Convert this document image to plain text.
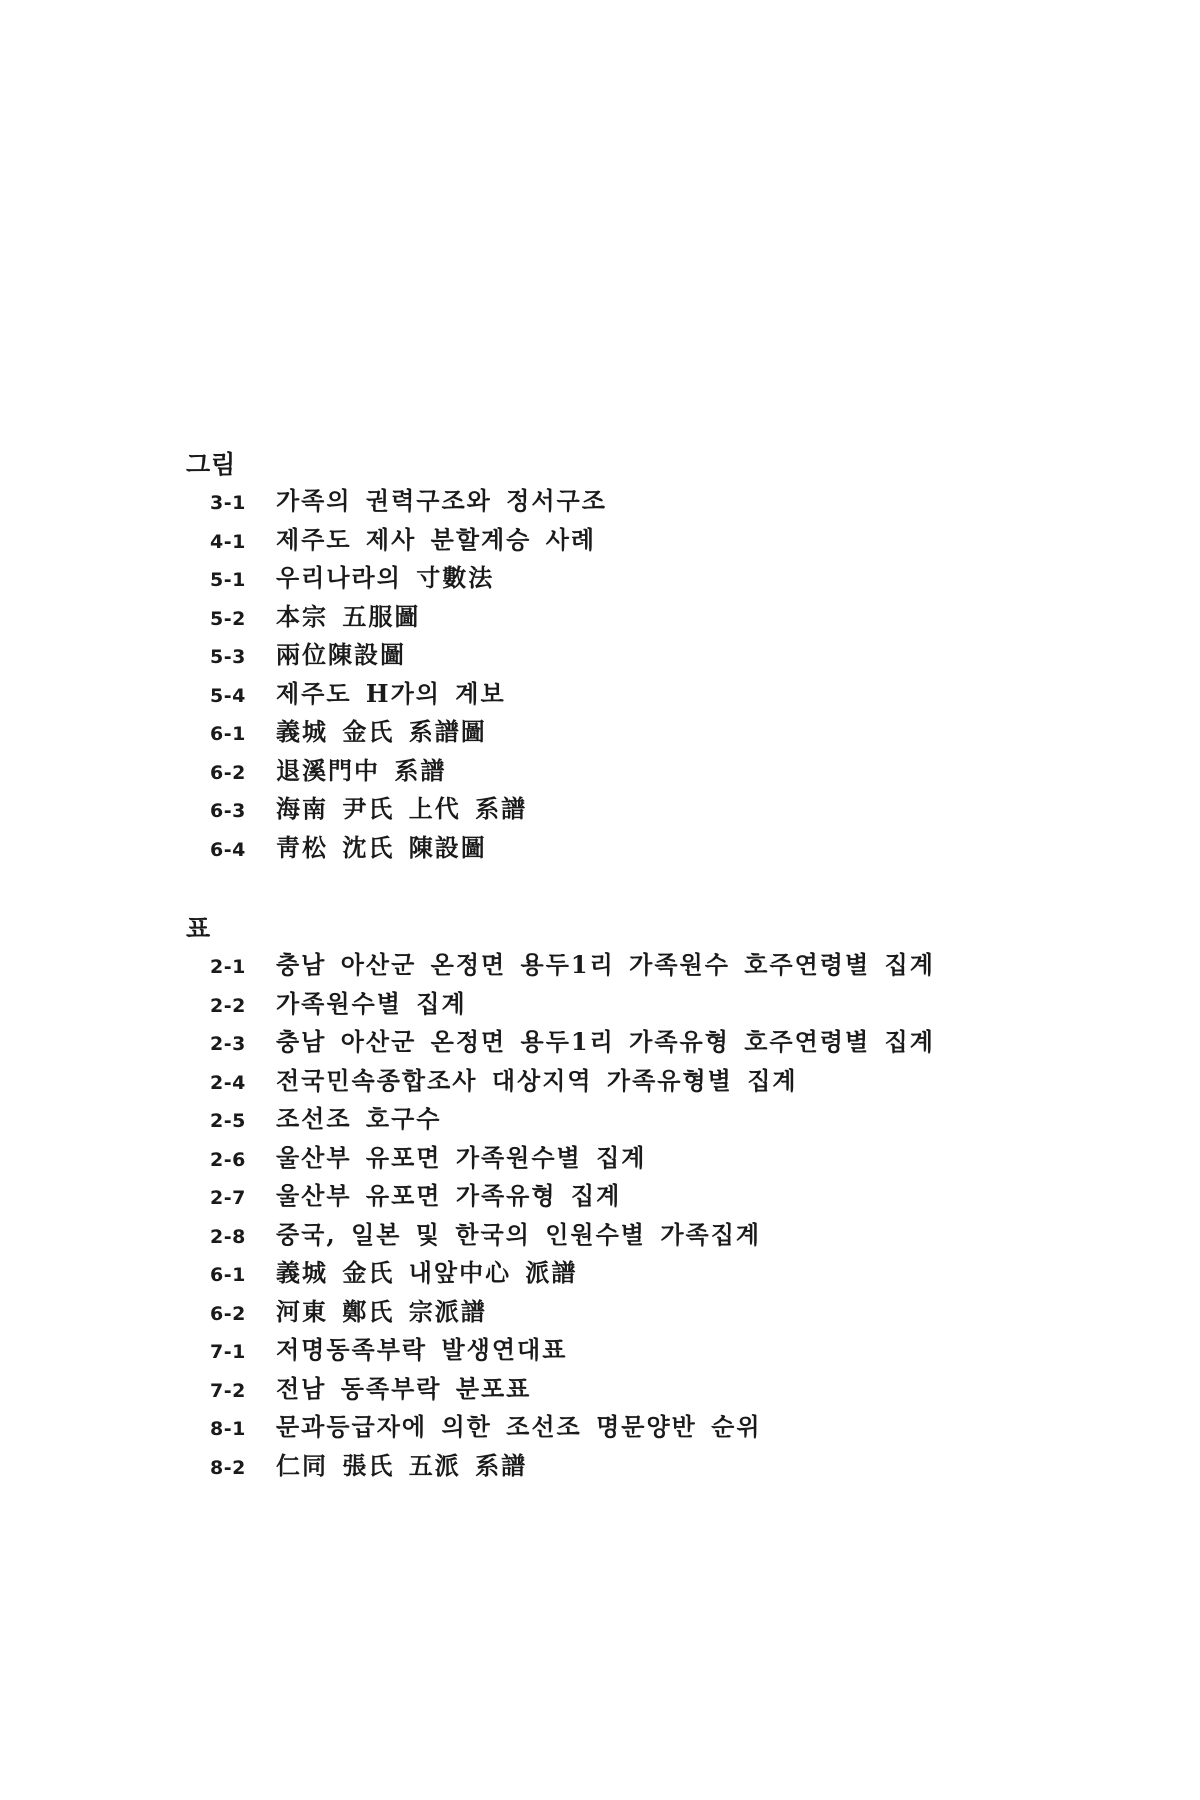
그림
3-1 가족의 권력구조와 정서구조
4-1 제주도 제사 분할계승 사례
5-1 우리나라의 寸數法
5-2 本宗 五服圖
5-3 兩位陳設圖
5-4 제주도 H가의 계보
6-1 義城 金氏 系譜圖
6-2 退溪門中 系譜
6-3 海南 尹氏 上代 系譜
6-4 靑松 沈氏 陳設圖
표
2-1 충남 아산군 온정면 용두1리 가족원수 호주연령별 집계
2-2 가족원수별 집계
2-3 충남 아산군 온정면 용두1리 가족유형 호주연령별 집계
2-4 전국민속종합조사 대상지역 가족유형별 집계
2-5 조선조 호구수
2-6 울산부 유포면 가족원수별 집계
2-7 울산부 유포면 가족유형 집계
2-8 중국, 일본 및 한국의 인원수별 가족집계
6-1 義城 金氏 내앞中心 派譜
6-2 河東 鄭氏 宗派譜
7-1 저명동족부락 발생연대표
7-2 전남 동족부락 분포표
8-1 문과등급자에 의한 조선조 명문양반 순위
8-2 仁同 張氏 五派 系譜
